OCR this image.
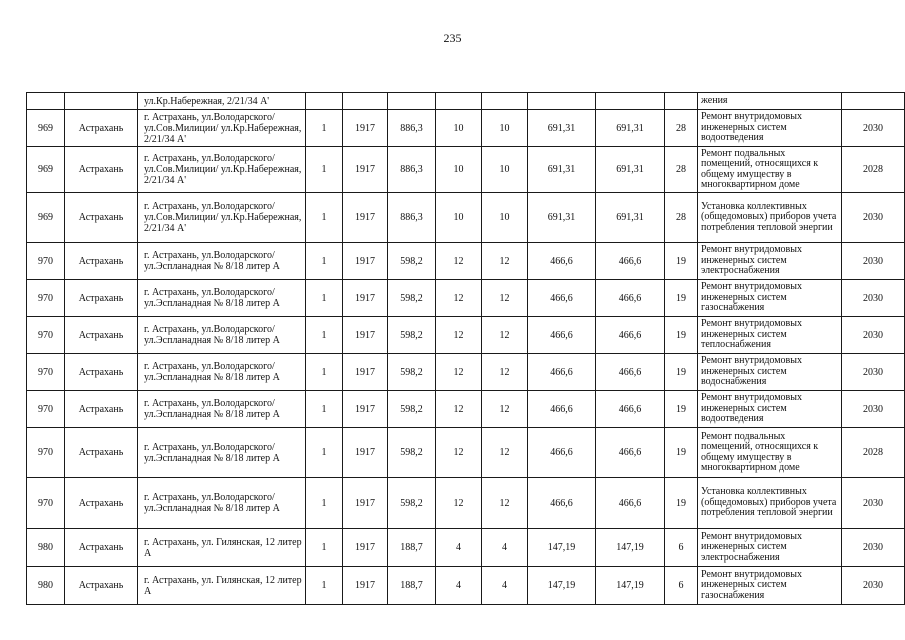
235
		ул.Кр.Набережная, 2/21/34 А'									жения	
969	Астрахань	г. Астрахань, ул.Володарского/ ул.Сов.Милиции/ ул.Кр.Набережная, 2/21/34 А'	1	1917	886,3	10	10	691,31	691,31	28	Ремонт внутридомовых инженерных систем водоотведения	2030
969	Астрахань	г. Астрахань, ул.Володарского/ ул.Сов.Милиции/ ул.Кр.Набережная, 2/21/34 А'	1	1917	886,3	10	10	691,31	691,31	28	Ремонт подвальных помещений, относящихся к общему имуществу в многоквартирном доме	2028
969	Астрахань	г. Астрахань, ул.Володарского/ ул.Сов.Милиции/ ул.Кр.Набережная, 2/21/34 А'	1	1917	886,3	10	10	691,31	691,31	28	Установка коллективных (общедомовых) приборов учета потребления тепловой энергии	2030
970	Астрахань	г. Астрахань, ул.Володарского/ ул.Эспланадная № 8/18 литер А	1	1917	598,2	12	12	466,6	466,6	19	Ремонт внутридомовых инженерных систем электроснабжения	2030
970	Астрахань	г. Астрахань, ул.Володарского/ ул.Эспланадная № 8/18 литер А	1	1917	598,2	12	12	466,6	466,6	19	Ремонт внутридомовых инженерных систем газоснабжения	2030
970	Астрахань	г. Астрахань, ул.Володарского/ ул.Эспланадная № 8/18 литер А	1	1917	598,2	12	12	466,6	466,6	19	Ремонт внутридомовых инженерных систем теплоснабжения	2030
970	Астрахань	г. Астрахань, ул.Володарского/ ул.Эспланадная № 8/18 литер А	1	1917	598,2	12	12	466,6	466,6	19	Ремонт внутридомовых инженерных систем водоснабжения	2030
970	Астрахань	г. Астрахань, ул.Володарского/ ул.Эспланадная № 8/18 литер А	1	1917	598,2	12	12	466,6	466,6	19	Ремонт внутридомовых инженерных систем водоотведения	2030
970	Астрахань	г. Астрахань, ул.Володарского/ ул.Эспланадная № 8/18 литер А	1	1917	598,2	12	12	466,6	466,6	19	Ремонт подвальных помещений, относящихся к общему имуществу в многоквартирном доме	2028
970	Астрахань	г. Астрахань, ул.Володарского/ ул.Эспланадная № 8/18 литер А	1	1917	598,2	12	12	466,6	466,6	19	Установка коллективных (общедомовых) приборов учета потребления тепловой энергии	2030
980	Астрахань	г. Астрахань, ул. Гилянская, 12 литер А	1	1917	188,7	4	4	147,19	147,19	6	Ремонт внутридомовых инженерных систем электроснабжения	2030
980	Астрахань	г. Астрахань, ул. Гилянская, 12 литер А	1	1917	188,7	4	4	147,19	147,19	6	Ремонт внутридомовых инженерных систем газоснабжения	2030
